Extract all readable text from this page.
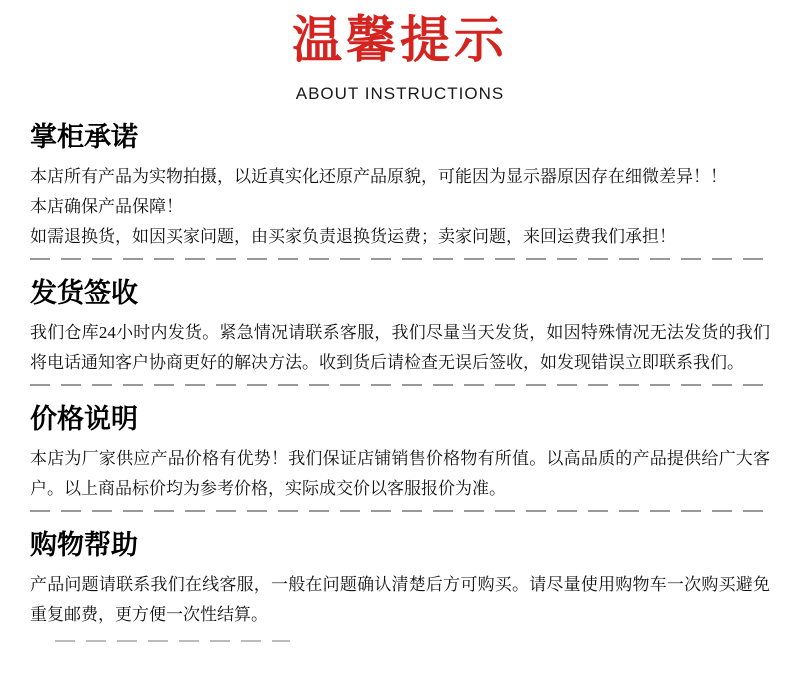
温馨提示
ABOUT INSTRUCTIONS
掌柜承诺

本店所有产品为实物拍摄，以近真实化还原产品原貌，可能因为显示器原因存在细微差异！！

本店确保产品保障！

如需退换货，如因买家问题，由买家负责退换货运费；卖家问题，来回运费我们承担！

发货签收

我们仓库24小时内发货。紧急情况请联系客服，我们尽量当天发货，如因特殊情况无法发货的我们将电话通知客户协商更好的解决方法。收到货后请检查无误后签收，如发现错误立即联系我们。

价格说明

本店为厂家供应产品价格有优势！我们保证店铺销售价格物有所值。以高品质的产品提供给广大客户。以上商品标价均为参考价格，实际成交价以客服报价为准。

购物帮助

产品问题请联系我们在线客服，一般在问题确认清楚后方可购买。请尽量使用购物车一次购买避免重复邮费，更方便一次性结算。
